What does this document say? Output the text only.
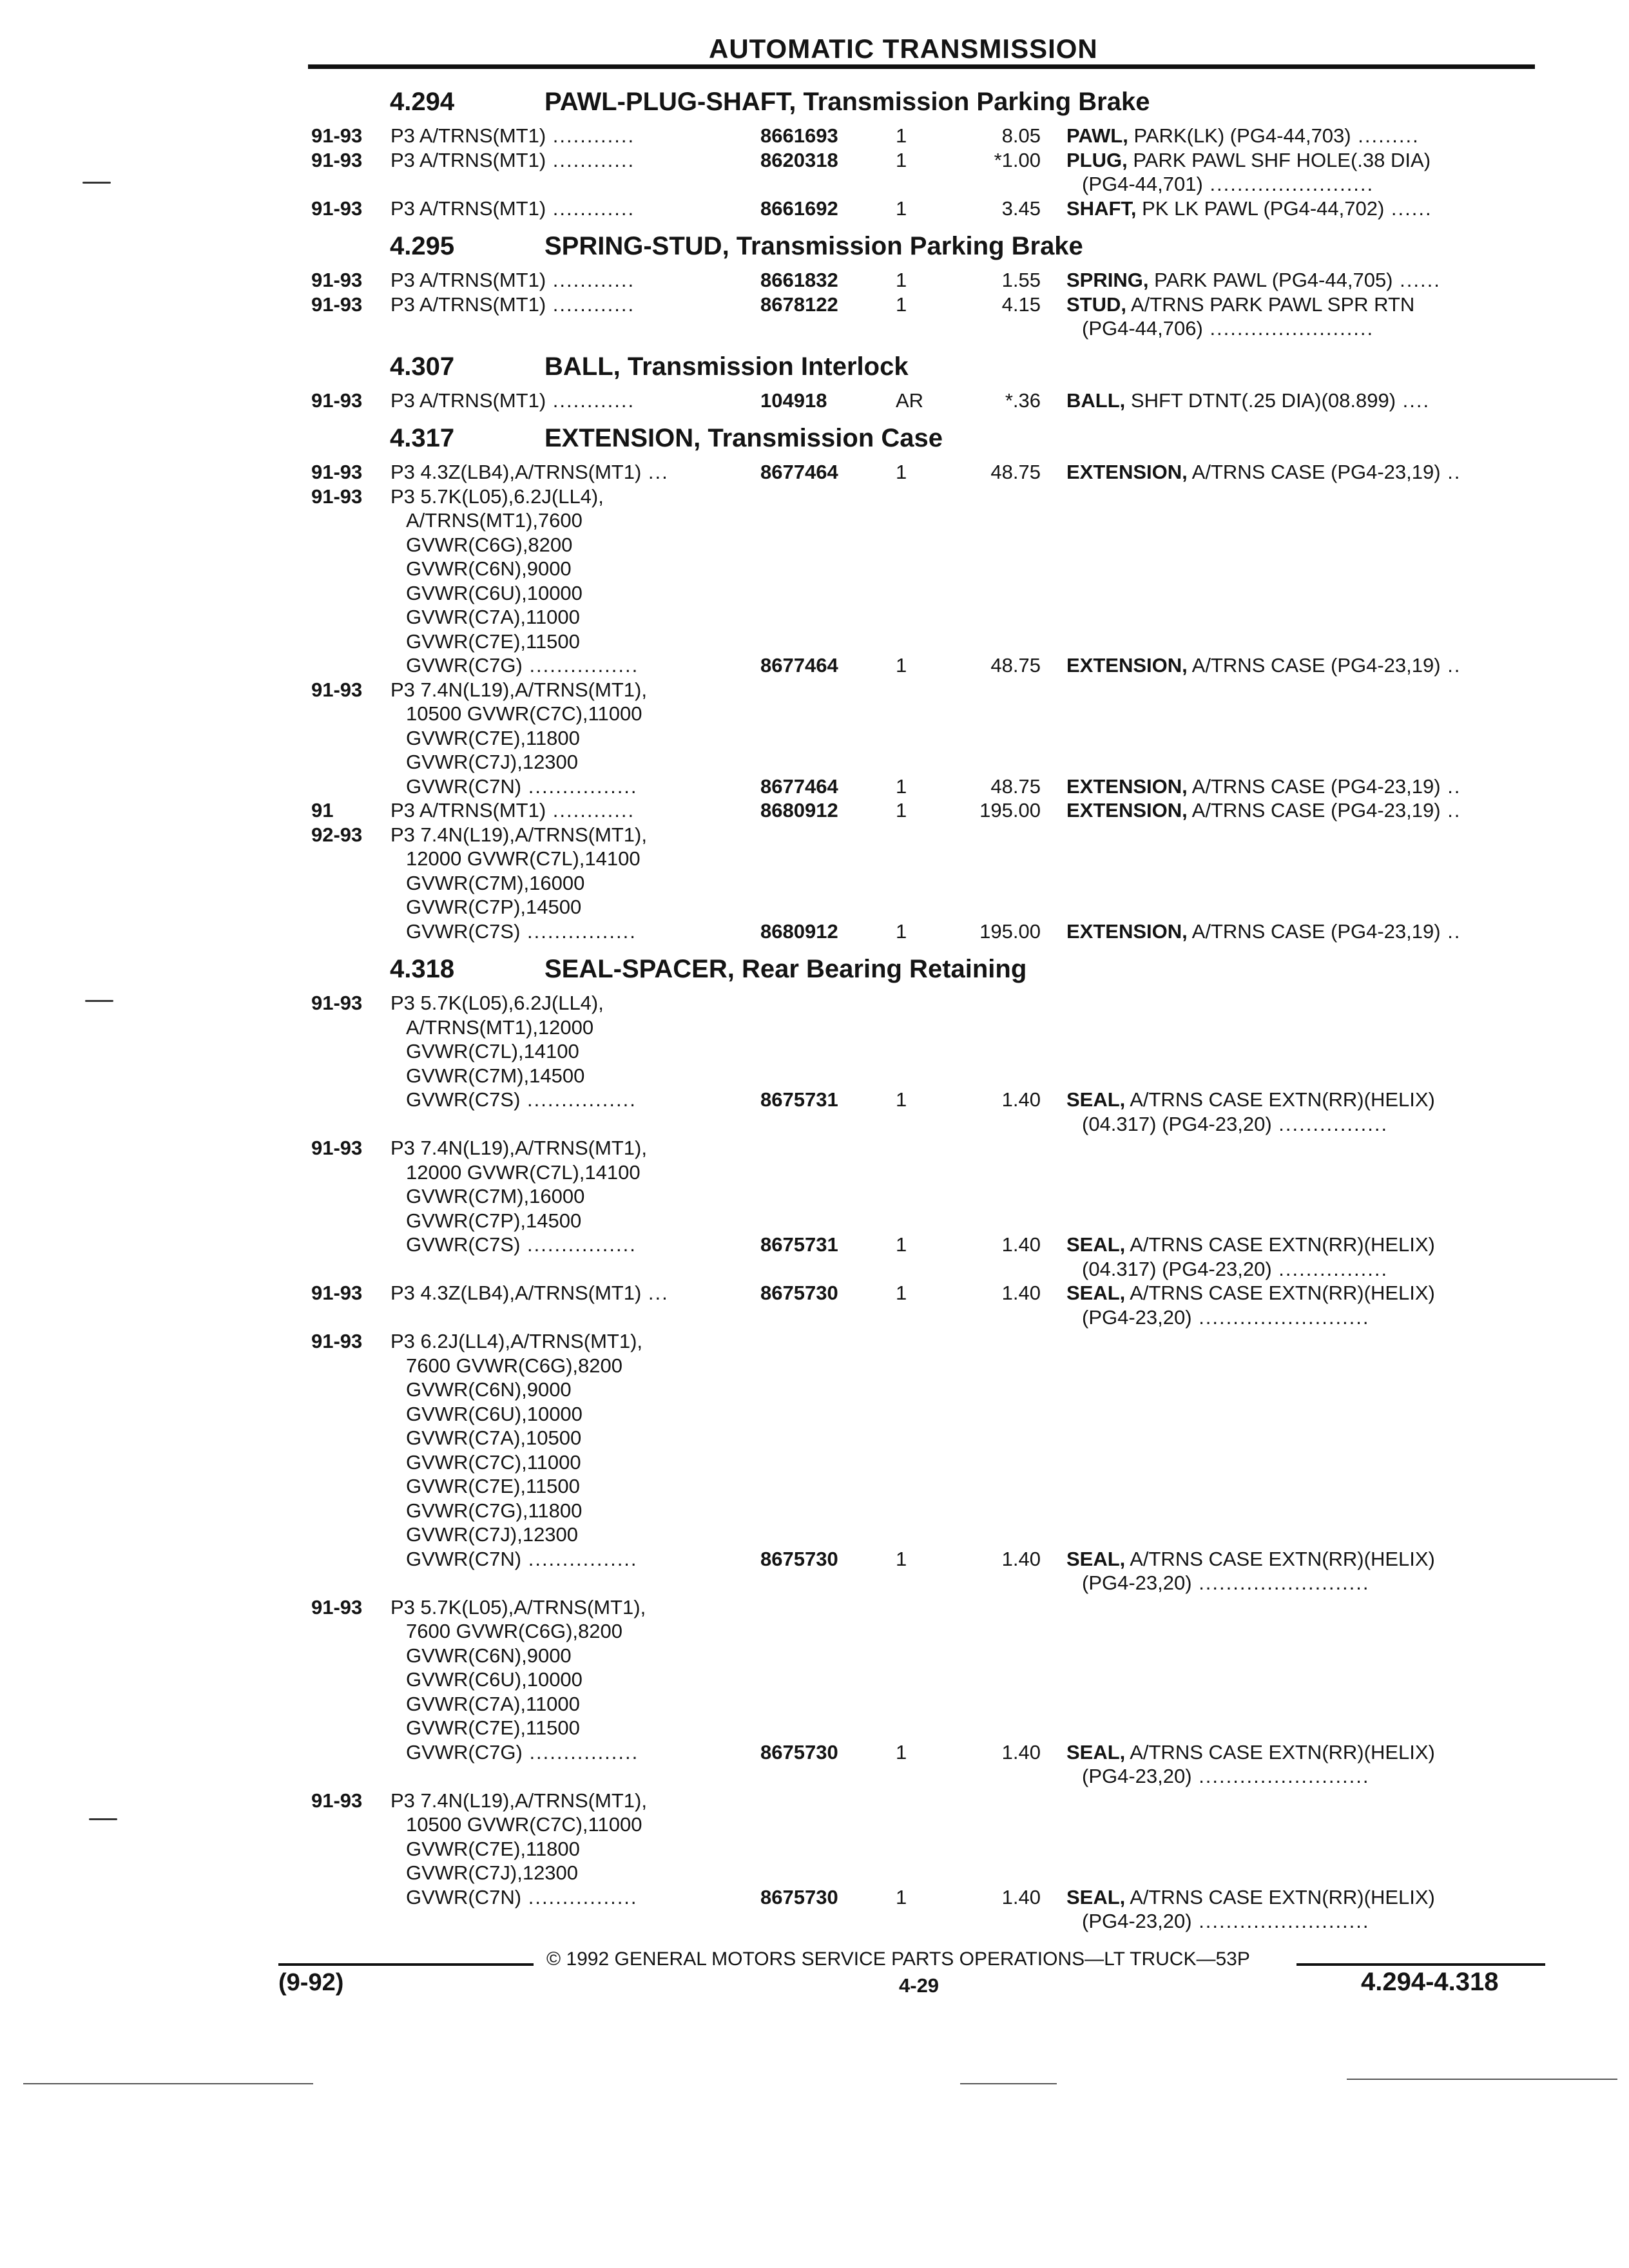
AUTOMATIC TRANSMISSION
4.294	PAWL-PLUG-SHAFT, Transmission Parking Brake
91-93 P3 A/TRNS(MT1) ............	8661693	1	8.05 PAWL, PARK(LK) (PG4-44,703) .........
91-93 P3 A/TRNS(MT1) ............	8620318	1	*1.00 PLUG, PARK PAWL SHF HOLE(.38 DIA)
(PG4-44,701) ........................
91-93 P3 A/TRNS(MT1) ............	8661692	1	3.45 SHAFT, PK LK PAWL (PG4-44,702) ......
4.295	SPRING-STUD, Transmission Parking Brake
91-93 P3 A/TRNS(MT1) ............	8661832	1	1.55 SPRING, PARK PAWL (PG4-44,705) ......
91-93 P3 A/TRNS(MT1) ............	8678122	1	4.15 STUD, A/TRNS PARK PAWL SPR RTN
(PG4-44,706) ........................
4.307	BALL, Transmission Interlock
91-93 P3 A/TRNS(MT1) ............	104918	AR	*.36 BALL, SHFT DTNT(.25 DIA)(08.899) ....
4.317	EXTENSION, Transmission Case
91-93 P3 4.3Z(LB4),A/TRNS(MT1) ...	8677464	1	48.75 EXTENSION, A/TRNS CASE (PG4-23,19) ..
91-93 P3 5.7K(L05),6.2J(LL4),
A/TRNS(MT1),7600
GVWR(C6G),8200
GVWR(C6N),9000
GVWR(C6U),10000
GVWR(C7A),11000
GVWR(C7E),11500
GVWR(C7G) ................	8677464	1	48.75 EXTENSION, A/TRNS CASE (PG4-23,19) ..
91-93 P3 7.4N(L19),A/TRNS(MT1),
10500 GVWR(C7C),11000
GVWR(C7E),11800
GVWR(C7J),12300
GVWR(C7N) ................	8677464	1	48.75 EXTENSION, A/TRNS CASE (PG4-23,19) ..
91	P3 A/TRNS(MT1) ............	8680912	1	195.00 EXTENSION, A/TRNS CASE (PG4-23,19) ..
92-93 P3 7.4N(L19),A/TRNS(MT1),
12000 GVWR(C7L),14100
GVWR(C7M),16000
GVWR(C7P),14500
GVWR(C7S) ................	8680912	1	195.00 EXTENSION, A/TRNS CASE (PG4-23,19) ..
4.318	SEAL-SPACER, Rear Bearing Retaining
91-93 P3 5.7K(L05),6.2J(LL4),
A/TRNS(MT1),12000
GVWR(C7L),14100
GVWR(C7M),14500
GVWR(C7S) ................	8675731	1	1.40 SEAL, A/TRNS CASE EXTN(RR)(HELIX)
(04.317) (PG4-23,20) ................
91-93 P3 7.4N(L19),A/TRNS(MT1),
12000 GVWR(C7L),14100
GVWR(C7M),16000
GVWR(C7P),14500
GVWR(C7S) ................	8675731	1	1.40 SEAL, A/TRNS CASE EXTN(RR)(HELIX)
(04.317) (PG4-23,20) ................
91-93 P3 4.3Z(LB4),A/TRNS(MT1) ...	8675730	1	1.40 SEAL, A/TRNS CASE EXTN(RR)(HELIX)
(PG4-23,20) .........................
91-93 P3 6.2J(LL4),A/TRNS(MT1),
7600 GVWR(C6G),8200
GVWR(C6N),9000
GVWR(C6U),10000
GVWR(C7A),10500
GVWR(C7C),11000
GVWR(C7E),11500
GVWR(C7G),11800
GVWR(C7J),12300
GVWR(C7N) ................	8675730	1	1.40 SEAL, A/TRNS CASE EXTN(RR)(HELIX)
(PG4-23,20) .........................
91-93 P3 5.7K(L05),A/TRNS(MT1),
7600 GVWR(C6G),8200
GVWR(C6N),9000
GVWR(C6U),10000
GVWR(C7A),11000
GVWR(C7E),11500
GVWR(C7G) ................	8675730	1	1.40 SEAL, A/TRNS CASE EXTN(RR)(HELIX)
(PG4-23,20) .........................
91-93 P3 7.4N(L19),A/TRNS(MT1),
10500 GVWR(C7C),11000
GVWR(C7E),11800
GVWR(C7J),12300
GVWR(C7N) ................	8675730	1	1.40 SEAL, A/TRNS CASE EXTN(RR)(HELIX)
(PG4-23,20) .........................
© 1992 GENERAL MOTORS SERVICE PARTS OPERATIONS—LT TRUCK—53P
(9-92)	4-29	4.294-4.318
